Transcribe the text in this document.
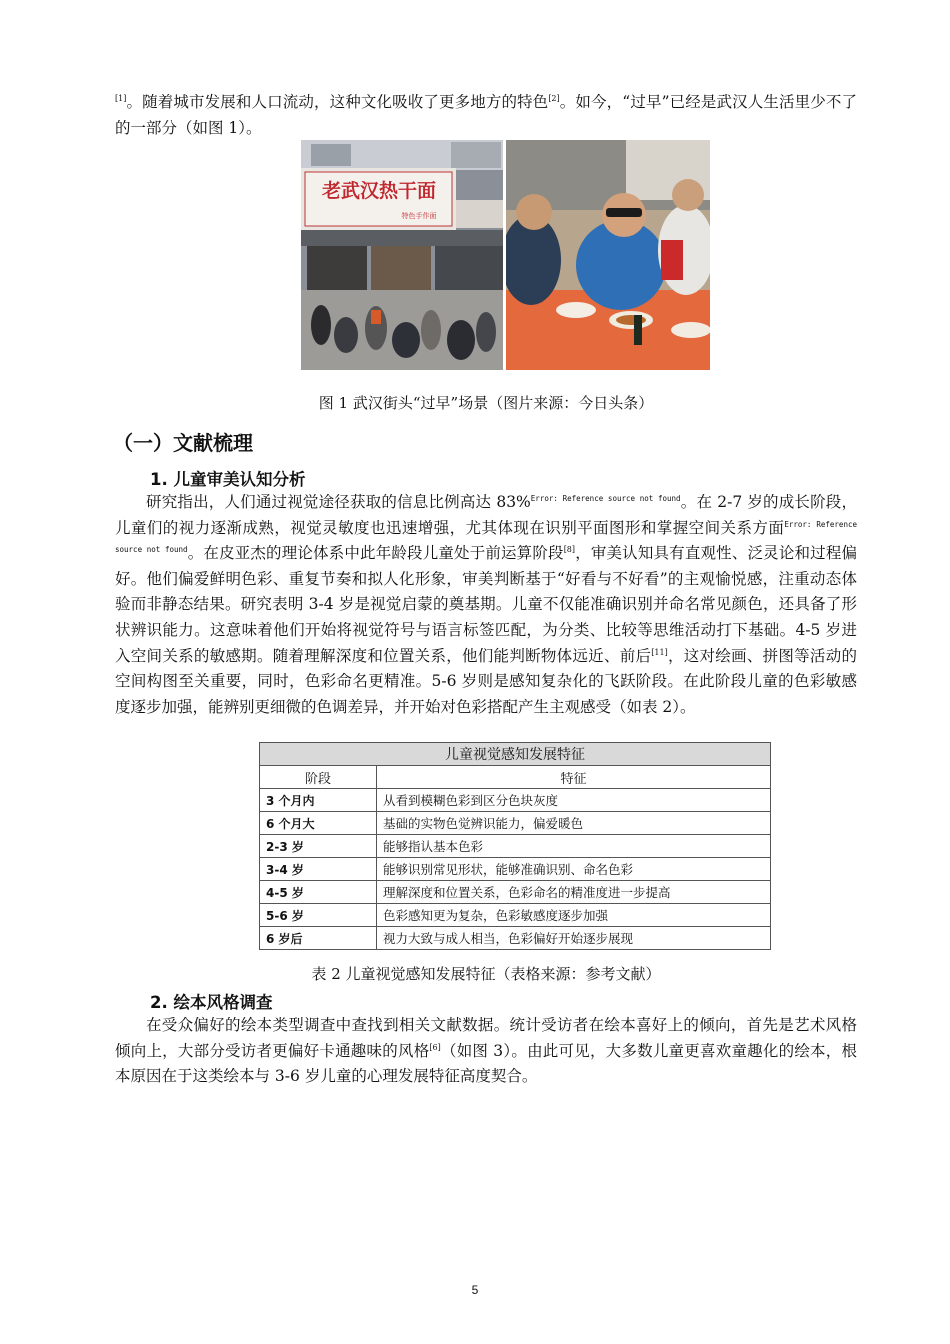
[1]。随着城市发展和人口流动，这种文化吸收了更多地方的特色[2]。如今，“过早”已经是武汉人生活里少不了的一部分（如图 1）。

老武汉热干面
特色手作面

图 1 武汉街头“过早”场景（图片来源：今日头条）

（一）文献梳理
1. 儿童审美认知分析

研究指出，人们通过视觉途径获取的信息比例高达 83%$^{Error: Reference source not found}$。在 2-7 岁的成长阶段，儿童们的视力逐渐成熟，视觉灵敏度也迅速增强，尤其体现在识别平面图形和掌握空间关系方面$^{Error: Reference source not found}$。在皮亚杰的理论体系中此年龄段儿童处于前运算阶段[8]，审美认知具有直观性、泛灵论和过程偏好。他们偏爱鲜明色彩、重复节奏和拟人化形象，审美判断基于“好看与不好看”的主观愉悦感，注重动态体验而非静态结果。研究表明 3-4 岁是视觉启蒙的奠基期。儿童不仅能准确识别并命名常见颜色，还具备了形状辨识能力。这意味着他们开始将视觉符号与语言标签匹配，为分类、比较等思维活动打下基础。4-5 岁进入空间关系的敏感期。随着理解深度和位置关系，他们能判断物体远近、前后[11]，这对绘画、拼图等活动的空间构图至关重要，同时，色彩命名更精准。5-6 岁则是感知复杂化的飞跃阶段。在此阶段儿童的色彩敏感度逐步加强，能辨别更细微的色调差异，并开始对色彩搭配产生主观感受（如表 2）。

儿童视觉感知发展特征	
阶段	特征
3 个月内	从看到模糊色彩到区分色块灰度
6 个月大	基础的实物色觉辨识能力，偏爱暖色
2-3 岁	能够指认基本色彩
3-4 岁	能够识别常见形状，能够准确识别、命名色彩
4-5 岁	理解深度和位置关系，色彩命名的精准度进一步提高
5-6 岁	色彩感知更为复杂，色彩敏感度逐步加强
6 岁后	视力大致与成人相当，色彩偏好开始逐步展现

表 2 儿童视觉感知发展特征（表格来源：参考文献）

2. 绘本风格调查

在受众偏好的绘本类型调查中查找到相关文献数据。统计受访者在绘本喜好上的倾向，首先是艺术风格倾向上，大部分受访者更偏好卡通趣味的风格[6]（如图 3）。由此可见，大多数儿童更喜欢童趣化的绘本，根本原因在于这类绘本与 3-6 岁儿童的心理发展特征高度契合。

5
